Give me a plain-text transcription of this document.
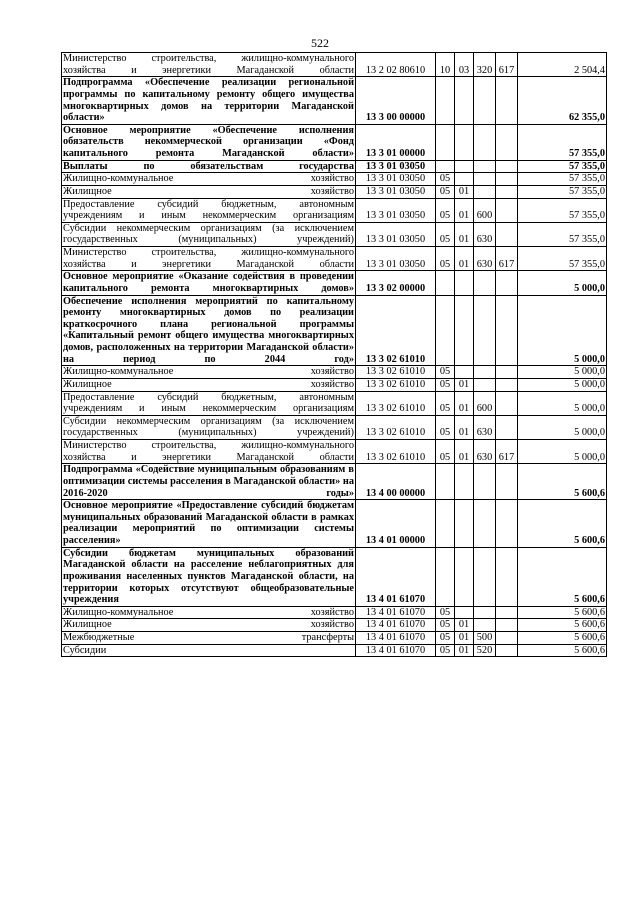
522
Министерство строительства, жилищно-коммунального хозяйства и энергетики Магаданской области	13 2 02 80610	10	03	320	617	2 504,4
Подпрограмма «Обеспечение реализации региональной программы по капитальному ремонту общего имущества многоквартирных домов на территории Магаданской области»	13 3 00 00000					62 355,0
Основное мероприятие «Обеспечение исполнения обязательств некоммерческой организации «Фонд капитального ремонта Магаданской области»	13 3 01 00000					57 355,0
Выплаты по обязательствам государства	13 3 01 03050					57 355,0
Жилищно-коммунальное хозяйство	13 3 01 03050	05				57 355,0
Жилищное хозяйство	13 3 01 03050	05	01			57 355,0
Предоставление субсидий бюджетным, автономным учреждениям и иным некоммерческим организациям	13 3 01 03050	05	01	600		57 355,0
Субсидии некоммерческим организациям (за исключением государственных (муниципальных) учреждений)	13 3 01 03050	05	01	630		57 355,0
Министерство строительства, жилищно-коммунального хозяйства и энергетики Магаданской области	13 3 01 03050	05	01	630	617	57 355,0
Основное мероприятие «Оказание содействия в проведении капитального ремонта многоквартирных домов»	13 3 02 00000					5 000,0
Обеспечение исполнения мероприятий по капитальному ремонту многоквартирных домов по реализации краткосрочного плана региональной программы «Капитальный ремонт общего имущества многоквартирных домов, расположенных на территории Магаданской области» на период по 2044 год»	13 3 02 61010					5 000,0
Жилищно-коммунальное хозяйство	13 3 02 61010	05				5 000,0
Жилищное хозяйство	13 3 02 61010	05	01			5 000,0
Предоставление субсидий бюджетным, автономным учреждениям и иным некоммерческим организациям	13 3 02 61010	05	01	600		5 000,0
Субсидии некоммерческим организациям (за исключением государственных (муниципальных) учреждений)	13 3 02 61010	05	01	630		5 000,0
Министерство строительства, жилищно-коммунального хозяйства и энергетики Магаданской области	13 3 02 61010	05	01	630	617	5 000,0
Подпрограмма «Содействие муниципальным образованиям в оптимизации системы расселения в Магаданской области» на 2016-2020 годы»	13 4 00 00000					5 600,6
Основное мероприятие «Предоставление субсидий бюджетам муниципальных образований Магаданской области в рамках реализации мероприятий по оптимизации системы расселения»	13 4 01 00000					5 600,6
Субсидии бюджетам муниципальных образований Магаданской области на расселение неблагоприятных для проживания населенных пунктов Магаданской области, на территории которых отсутствуют общеобразовательные учреждения	13 4 01 61070					5 600,6
Жилищно-коммунальное хозяйство	13 4 01 61070	05				5 600,6
Жилищное хозяйство	13 4 01 61070	05	01			5 600,6
Межбюджетные трансферты	13 4 01 61070	05	01	500		5 600,6
Субсидии	13 4 01 61070	05	01	520		5 600,6
